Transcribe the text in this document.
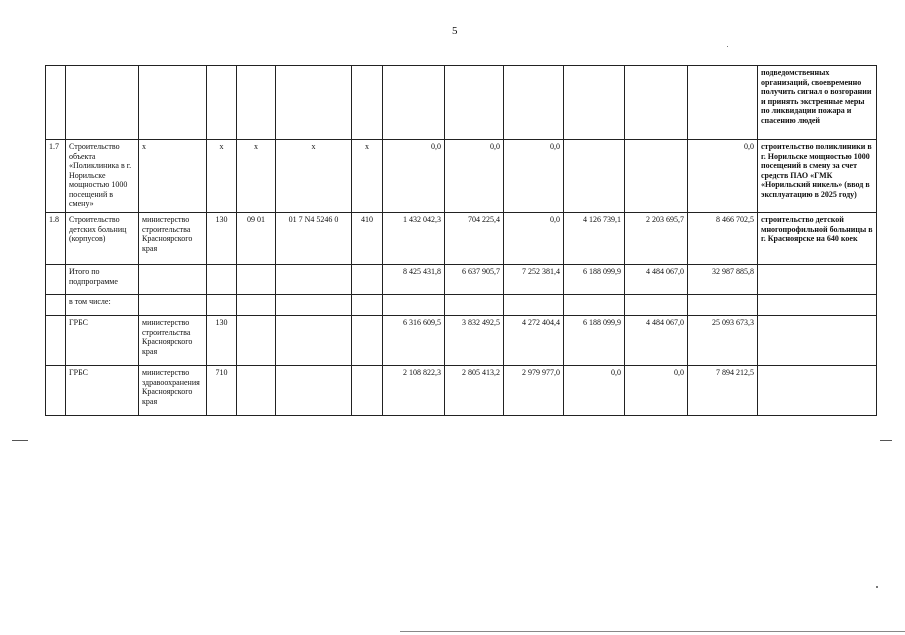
5
													подведомственных организаций, своевременно получить сигнал о возгорании и принять экстренные меры по ликвидации пожара и спасению людей
1.7	Строительство объекта «Поликлиника в г. Норильске мощностью 1000 посещений в смену»	x	x	x	x	x	0,0	0,0	0,0			0,0	строительство поликлиники в г. Норильске мощностью 1000 посещений в смену за счет средств ПАО «ГМК «Норильский никель» (ввод в эксплуатацию в 2025 году)
1.8	Строительство детских больниц (корпусов)	министерство строительства Красноярского края	130	09 01	01 7 N4 5246 0	410	1 432 042,3	704 225,4	0,0	4 126 739,1	2 203 695,7	8 466 702,5	строительство детской многопрофильной больницы в г. Красноярске на 640 коек
	Итого по подпрограмме						8 425 431,8	6 637 905,7	7 252 381,4	6 188 099,9	4 484 067,0	32 987 885,8	
	в том числе:												
	ГРБС	министерство строительства Красноярского края	130				6 316 609,5	3 832 492,5	4 272 404,4	6 188 099,9	4 484 067,0	25 093 673,3	
	ГРБС	министерство здравоохранения Красноярского края	710				2 108 822,3	2 805 413,2	2 979 977,0	0,0	0,0	7 894 212,5	
